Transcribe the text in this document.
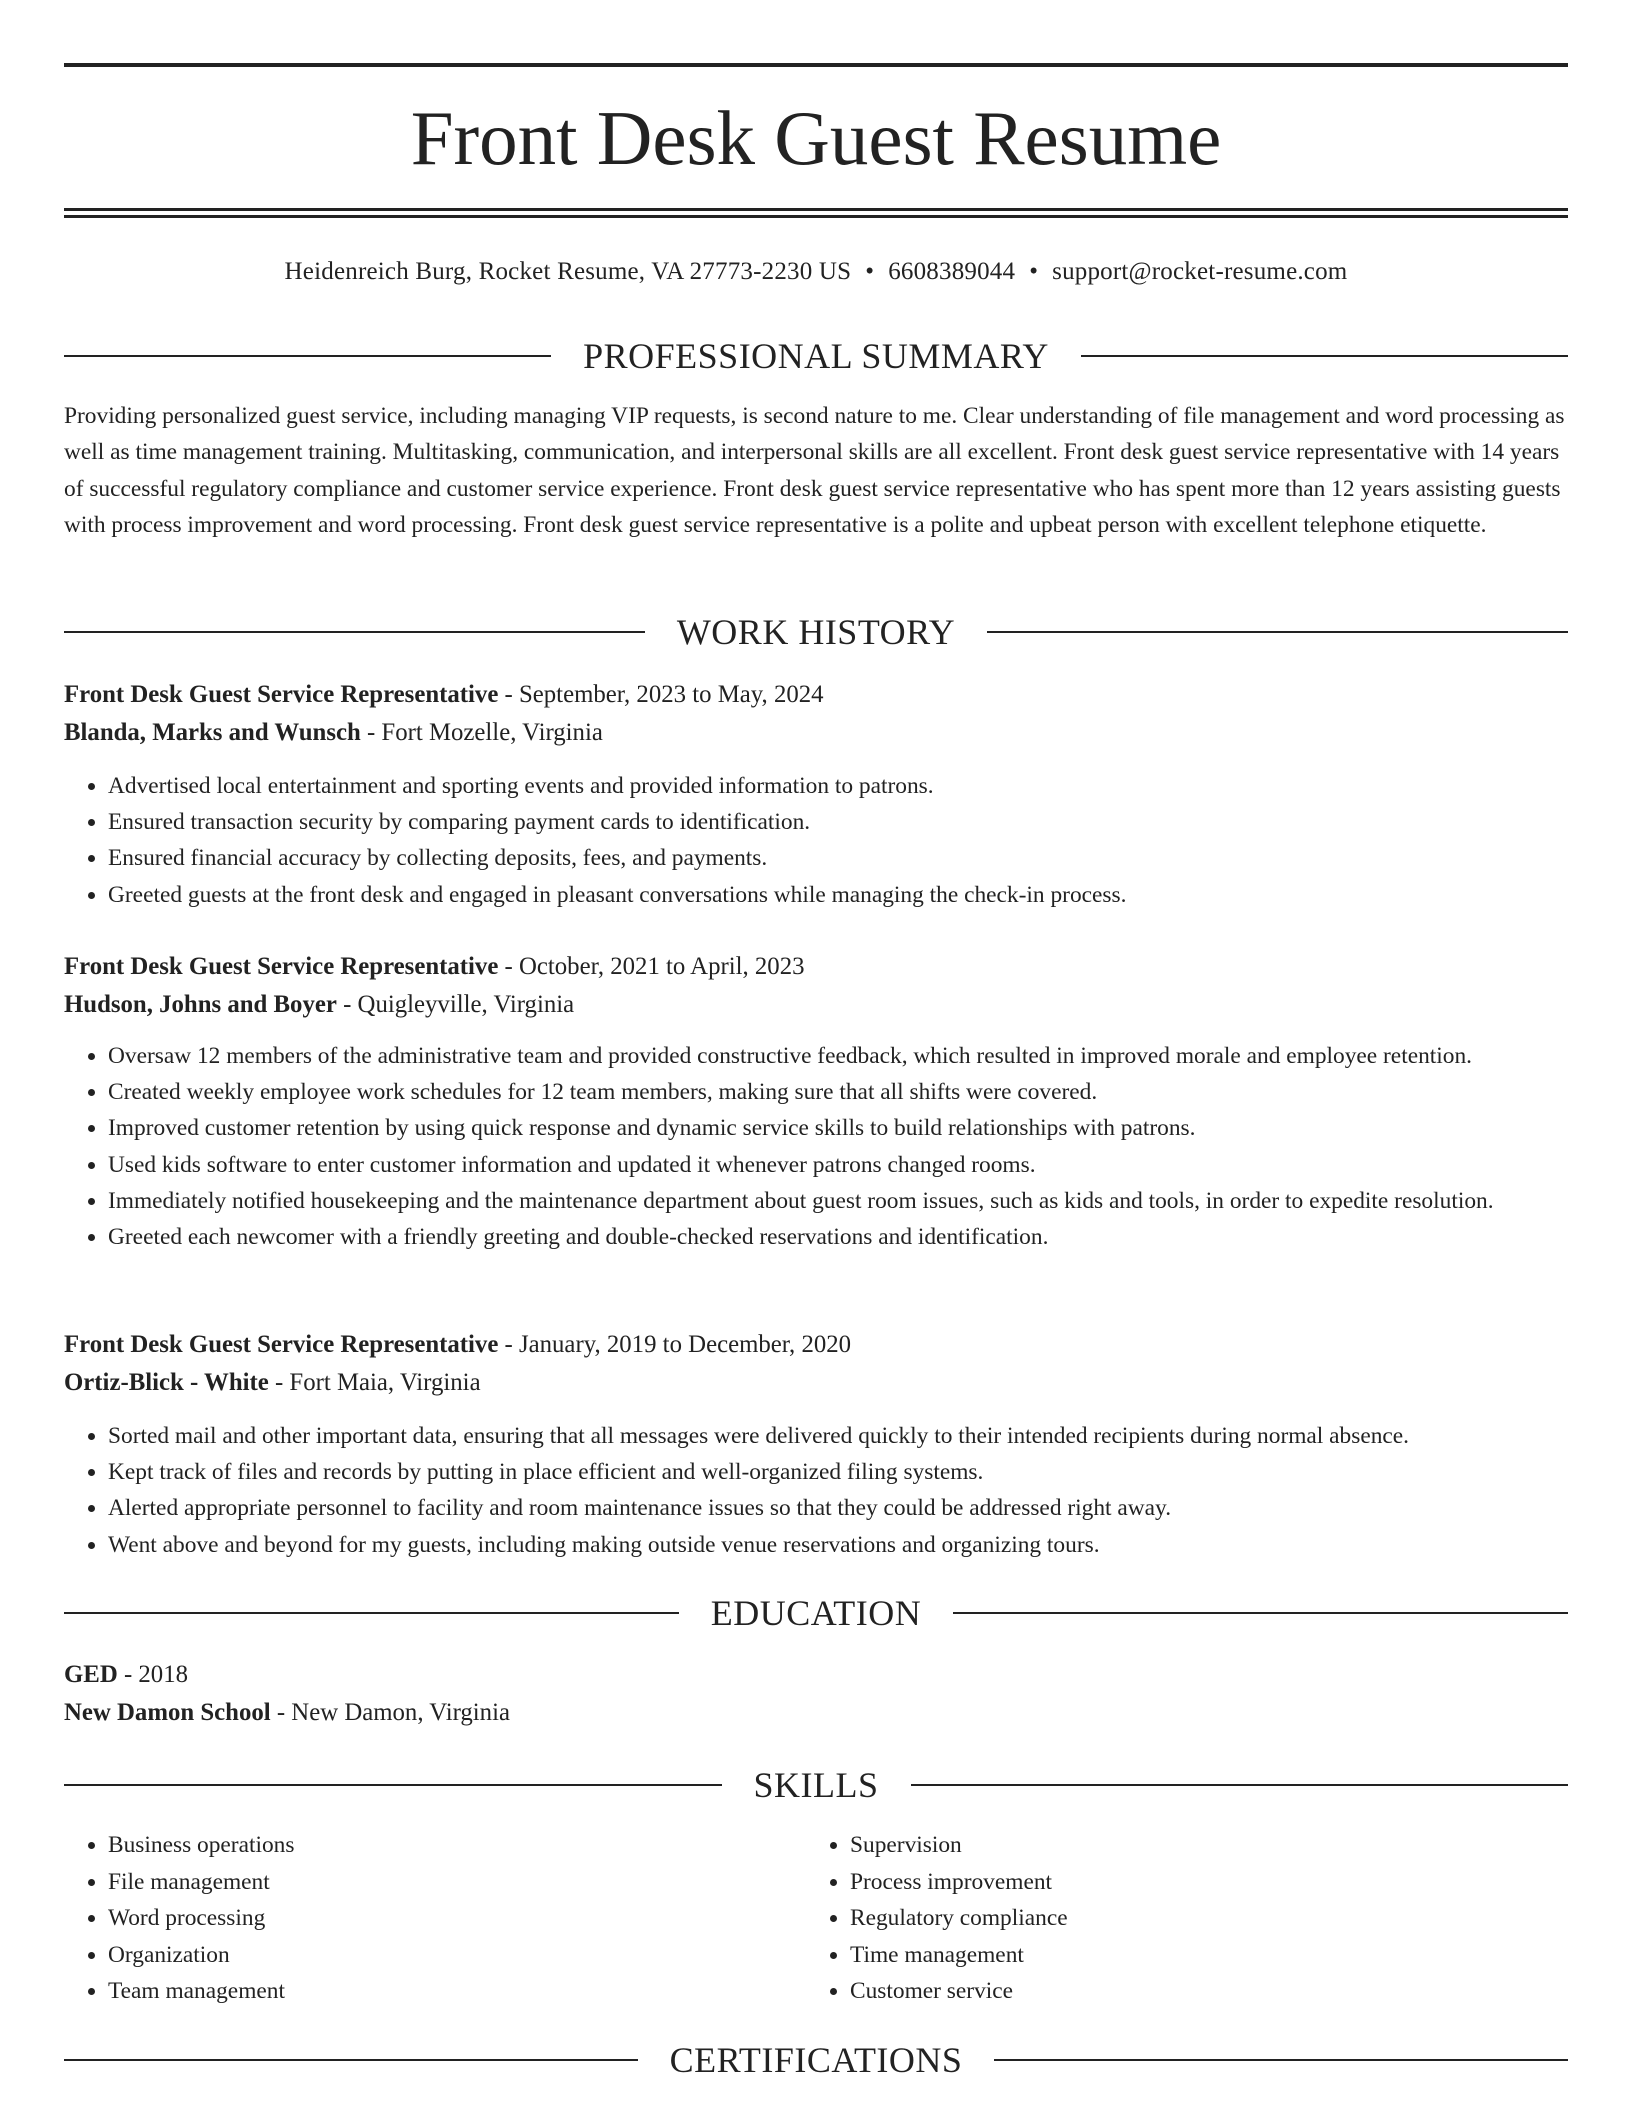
Front Desk Guest Resume
Heidenreich Burg, Rocket Resume, VA 27773-2230 US • 6608389044 • support@rocket-resume.com
PROFESSIONAL SUMMARY

Providing personalized guest service, including managing VIP requests, is second nature to me. Clear understanding of file management and word processing as well as time management training. Multitasking, communication, and interpersonal skills are all excellent. Front desk guest service representative with 14 years of successful regulatory compliance and customer service experience. Front desk guest service representative who has spent more than 12 years assisting guests with process improvement and word processing. Front desk guest service representative is a polite and upbeat person with excellent telephone etiquette.

WORK HISTORY
Front Desk Guest Service Representative - September, 2023 to May, 2024
Blanda, Marks and Wunsch - Fort Mozelle, Virginia
• Advertised local entertainment and sporting events and provided information to patrons.
• Ensured transaction security by comparing payment cards to identification.
• Ensured financial accuracy by collecting deposits, fees, and payments.
• Greeted guests at the front desk and engaged in pleasant conversations while managing the check-in process.
Front Desk Guest Service Representative - October, 2021 to April, 2023
Hudson, Johns and Boyer - Quigleyville, Virginia
• Oversaw 12 members of the administrative team and provided constructive feedback, which resulted in improved morale and employee retention.
• Created weekly employee work schedules for 12 team members, making sure that all shifts were covered.
• Improved customer retention by using quick response and dynamic service skills to build relationships with patrons.
• Used kids software to enter customer information and updated it whenever patrons changed rooms.
• Immediately notified housekeeping and the maintenance department about guest room issues, such as kids and tools, in order to expedite resolution.
• Greeted each newcomer with a friendly greeting and double-checked reservations and identification.
Front Desk Guest Service Representative - January, 2019 to December, 2020
Ortiz-Blick - White - Fort Maia, Virginia
• Sorted mail and other important data, ensuring that all messages were delivered quickly to their intended recipients during normal absence.
• Kept track of files and records by putting in place efficient and well-organized filing systems.
• Alerted appropriate personnel to facility and room maintenance issues so that they could be addressed right away.
• Went above and beyond for my guests, including making outside venue reservations and organizing tours.
EDUCATION
GED - 2018
New Damon School - New Damon, Virginia
SKILLS
• Business operations
• File management
• Word processing
• Organization
• Team management
• Supervision
• Process improvement
• Regulatory compliance
• Time management
• Customer service
CERTIFICATIONS
